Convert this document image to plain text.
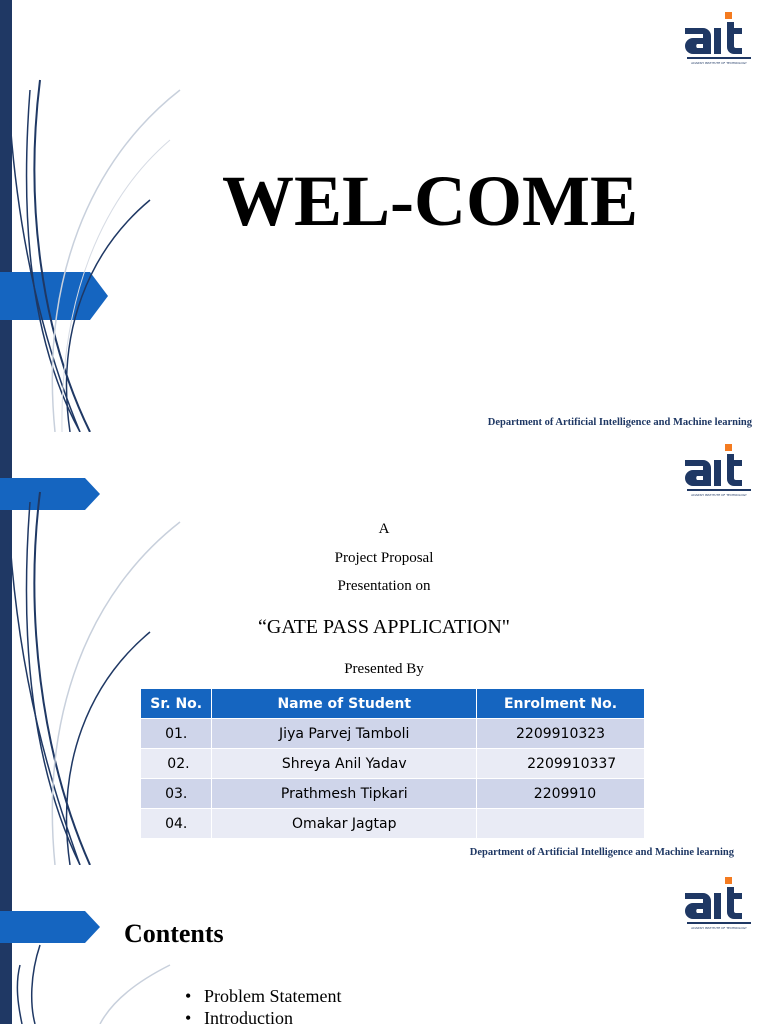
ADARSH INSTITUTE OF TECHNOLOGY
WEL-COME
Department of Artificial Intelligence and Machine learning
ADARSH INSTITUTE OF TECHNOLOGY
A
Project Proposal
Presentation on
“GATE PASS APPLICATION"
Presented By
Sr. No.	Name of Student	Enrolment No.
01.	Jiya Parvej Tamboli	2209910323
02.	Shreya Anil Yadav	2209910337
03.	Prathmesh Tipkari	2209910
04.	Omakar Jagtap	
Department of Artificial Intelligence and Machine learning
ADARSH INSTITUTE OF TECHNOLOGY
Contents
• Problem Statement
• Introduction
